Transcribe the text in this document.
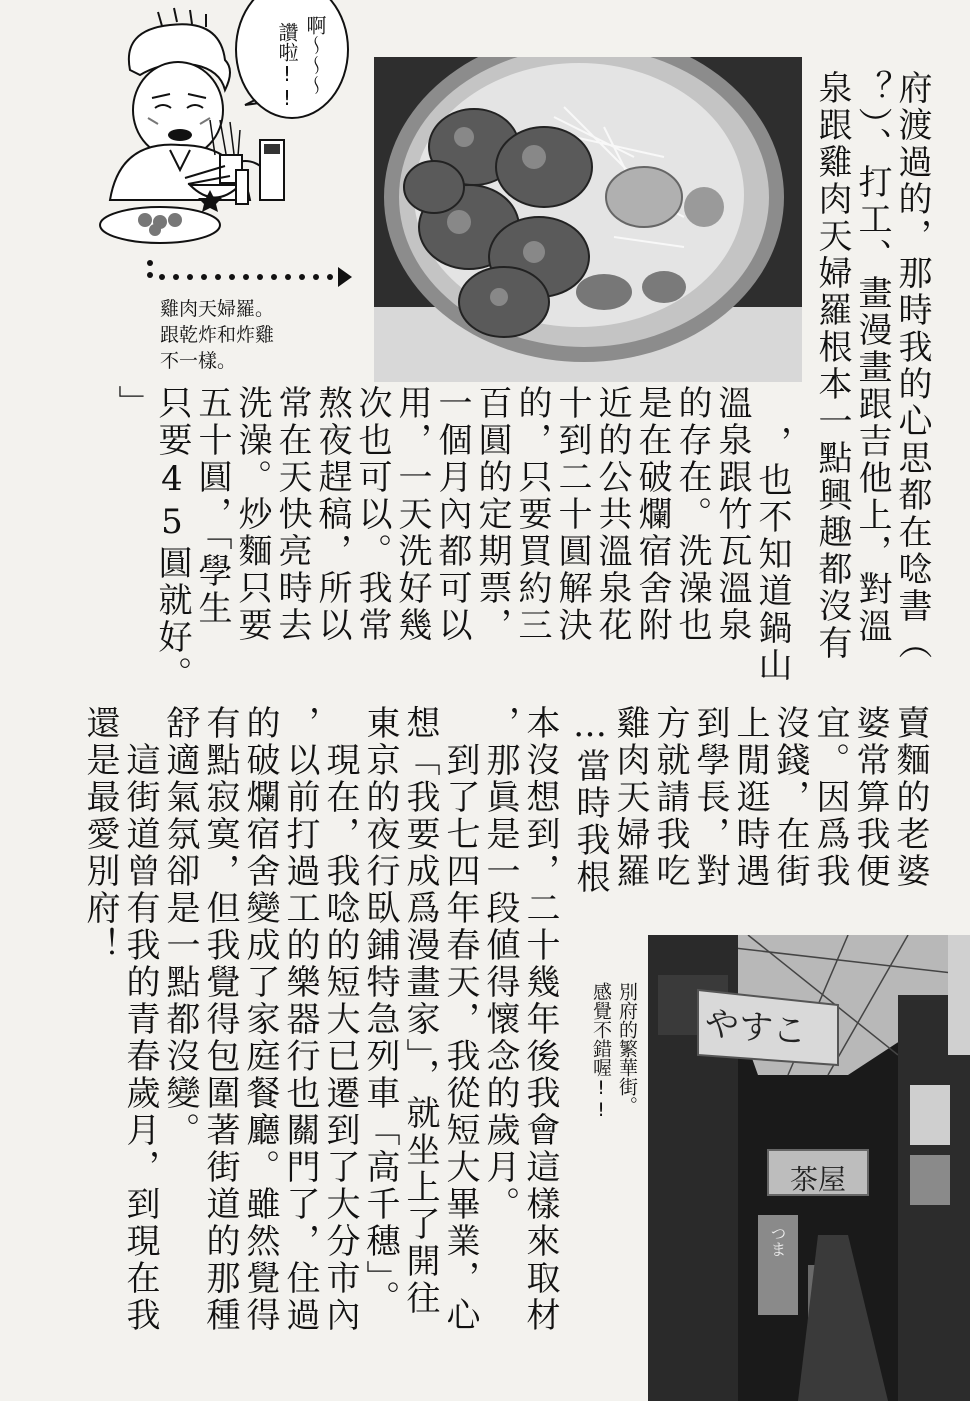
啊〜〜〜
讚啦!!
雞肉天婦羅。
跟乾炸和炸雞
不一樣。	府渡過的，那時我的心思都在唸書（
？）、打工、畫漫畫跟吉他上，對溫
泉跟雞肉天婦羅根本一點興趣都沒有
，也不知道鍋山
溫泉跟竹瓦溫泉
的存在。洗澡也
是在破爛宿舍附
近的公共溫泉花
十到二十圓解決
的，只要買約三
百圓的定期票，
一個月內都可以
用，一天洗好幾
次也可以。我常
熬夜趕稿，所以
常在天快亮時去
洗澡。炒麵只要
五十圓，「學生
只要45圓就好。
」
賣麵的老婆
婆常算我便
宜。因爲我
沒錢，在街
上閒逛時遇
到學長，對
方就請我吃
雞肉天婦羅
…當時我根
本沒想到，二十幾年後我會這樣來取材
，那眞是一段値得懷念的歲月。
　到了七四年春天，我從短大畢業，心
想「我要成爲漫畫家」，就坐上了開往
東京的夜行臥鋪特急列車「高千穗」。
　現在，我唸的短大已遷到了大分市內
，以前打過工的樂器行也關門了，住過
的破爛宿舍變成了家庭餐廳。雖然覺得
有點寂寞，但我覺得包圍著街道的那種
舒適氣氛卻是一點都沒變。
　這街道曾有我的青春歲月，到現在我
還是最愛別府！
別府的繁華街。
感覺不錯喔!!	やすこ
茶屋
つま
